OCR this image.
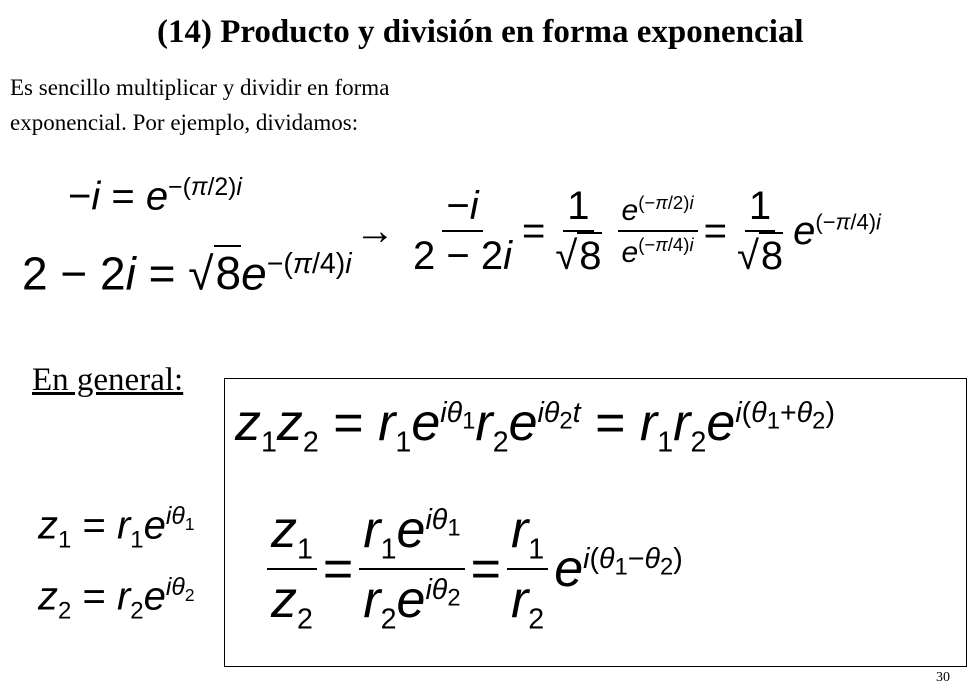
(14) Producto y división en forma exponencial
Es sencillo multiplicar y dividir en forma
exponencial. Por ejemplo, dividamos:
$-i = e^{-(\pi/2)i}$
$2 - 2i = √8e^{-(\pi/4)i}$
→ $\frac{-i}{2 - 2i} = \frac{1}{√8} \frac{e^{(-\pi/2)i}}{e^{(-\pi/4)i}} = \frac{1}{√8} e^{(-\pi/4)i}$
En general:
$z_1 = r_1e^{i\theta_1}$
$z_2 = r_2e^{i\theta_2}$
$z_1z_2 = r_1e^{i\theta_1}r_2e^{i\theta_2t} = r_1r_2e^{i(\theta_1+\theta_2)}$
$\frac{z_1}{z_2} = \frac{r_1e^{i\theta_1}}{r_2e^{i\theta_2}} = \frac{r_1}{r_2} e^{i(\theta_1-\theta_2)}$
30
